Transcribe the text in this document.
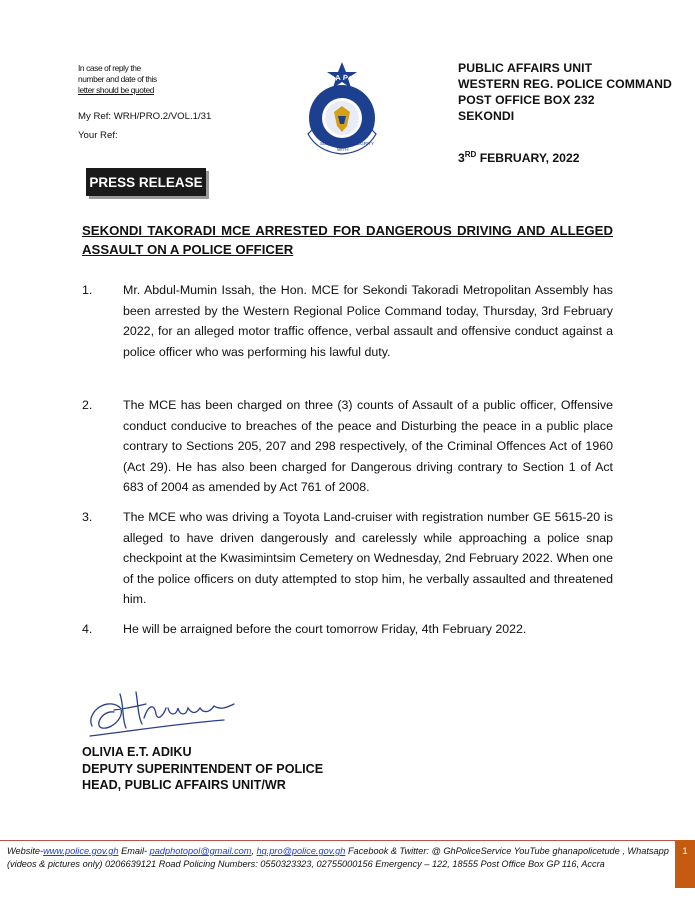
In case of reply the
number and date of this
letter should be quoted
My Ref: WRH/PRO.2/VOL.1/31
Your Ref:
GHANA POLICE
SERVICE
WITH
INTEGRITY
PUBLIC AFFAIRS UNIT
WESTERN REG. POLICE COMMAND
POST OFFICE BOX 232
SEKONDI
3RD FEBRUARY, 2022
PRESS RELEASE
SEKONDI TAKORADI MCE ARRESTED FOR DANGEROUS DRIVING AND ALLEGED ASSAULT ON A POLICE OFFICER
1. Mr. Abdul-Mumin Issah, the Hon. MCE for Sekondi Takoradi Metropolitan Assembly has been arrested by the Western Regional Police Command today, Thursday, 3rd February 2022, for an alleged motor traffic offence, verbal assault and offensive conduct against a police officer who was performing his lawful duty.
2. The MCE has been charged on three (3) counts of Assault of a public officer, Offensive conduct conducive to breaches of the peace and Disturbing the peace in a public place contrary to Sections 205, 207 and 298 respectively, of the Criminal Offences Act of 1960 (Act 29). He has also been charged for Dangerous driving contrary to Section 1 of Act 683 of 2004 as amended by Act 761 of 2008.
3. The MCE who was driving a Toyota Land-cruiser with registration number GE 5615-20 is alleged to have driven dangerously and carelessly while approaching a police snap checkpoint at the Kwasimintsim Cemetery on Wednesday, 2nd February 2022. When one of the police officers on duty attempted to stop him, he verbally assaulted and threatened him.
4. He will be arraigned before the court tomorrow Friday, 4th February 2022.
OLIVIA E.T. ADIKU
DEPUTY SUPERINTENDENT OF POLICE
HEAD, PUBLIC AFFAIRS UNIT/WR
Website-www.police.gov.gh Email- padphotopol@gmail.com, hq.pro@police.gov.gh Facebook & Twitter: @ GhPoliceService YouTube ghanapolicetude , Whatsapp (videos & pictures only) 0206639121 Road Policing Numbers: 0550323323, 02755000156 Emergency – 122, 18555 Post Office Box GP 116, Accra
1
